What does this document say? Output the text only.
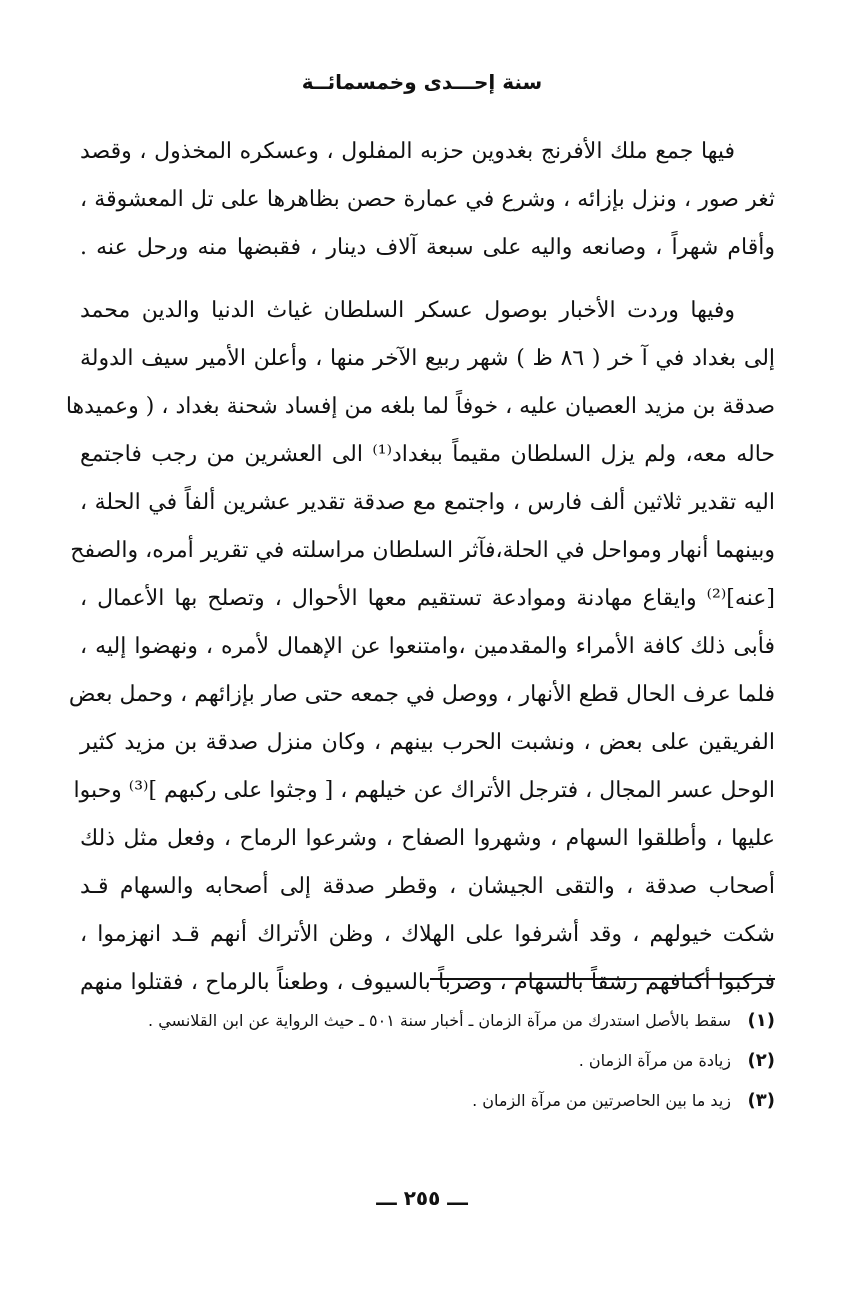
سنة إحـــدى وخمسمائــة

فيها جمع ملك الأفرنج بغدوين حزبه المفلول ، وعسكره المخذول ، وقصد
ثغر صور ، ونزل بإزائه ، وشرع في عمارة حصن بظاهرها على تل المعشوقة ،
وأقام شهراً ، وصانعه واليه على سبعة آلاف دينار ، فقبضها منه ورحل عنه .

وفيها وردت الأخبار بوصول عسكر السلطان غياث الدنيا والدين محمد
إلى بغداد في آ خر ( ٨٦ ظ ) شهر ربيع الآخر منها ، وأعلن الأمير سيف الدولة
صدقة بن مزيد العصيان عليه ، خوفاً لما بلغه من إفساد شحنة بغداد ، ( وعميدها
حاله معه، ولم يزل السلطان مقيماً ببغداد⁽¹⁾ الى العشرين من رجب فاجتمع
اليه تقدير ثلاثين ألف فارس ، واجتمع مع صدقة تقدير عشرين ألفاً في الحلة ،
وبينهما أنهار ومواحل في الحلة،فآثر السلطان مراسلته في تقرير أمره، والصفح
[عنه]⁽²⁾ وايقاع مهادنة وموادعة تستقيم معها الأحوال ، وتصلح بها الأعمال ،
فأبى ذلك كافة الأمراء والمقدمين ،وامتنعوا عن الإهمال لأمره ، ونهضوا إليه ،
فلما عرف الحال قطع الأنهار ، ووصل في جمعه حتى صار بإزائهم ، وحمل بعض
الفريقين على بعض ، ونشبت الحرب بينهم ، وكان منزل صدقة بن مزيد كثير
الوحل عسر المجال ، فترجل الأتراك عن خيلهم ، [ وجثوا على ركبهم ]⁽³⁾ وحبوا
عليها ، وأطلقوا السهام ، وشهروا الصفاح ، وشرعوا الرماح ، وفعل مثل ذلك
أصحاب صدقة ، والتقى الجيشان ، وقطر صدقة إلى أصحابه والسهام قـد
شكت خيولهم ، وقد أشرفوا على الهلاك ، وظن الأتراك أنهم قـد انهزموا ،
فركبوا أكتافهم رشقاً بالسهام ، وضرباً بالسيوف ، وطعناً بالرماح ، فقتلوا منهم

(١)
سقط بالأصل استدرك من مرآة الزمان ـ أخبار سنة ٥٠١ ـ حيث الرواية عن ابن القلانسي .
(٢)
زيادة من مرآة الزمان .
(٣)
زيد ما بين الحاصرتين من مرآة الزمان .
ـــ ٢٥٥ ـــ
